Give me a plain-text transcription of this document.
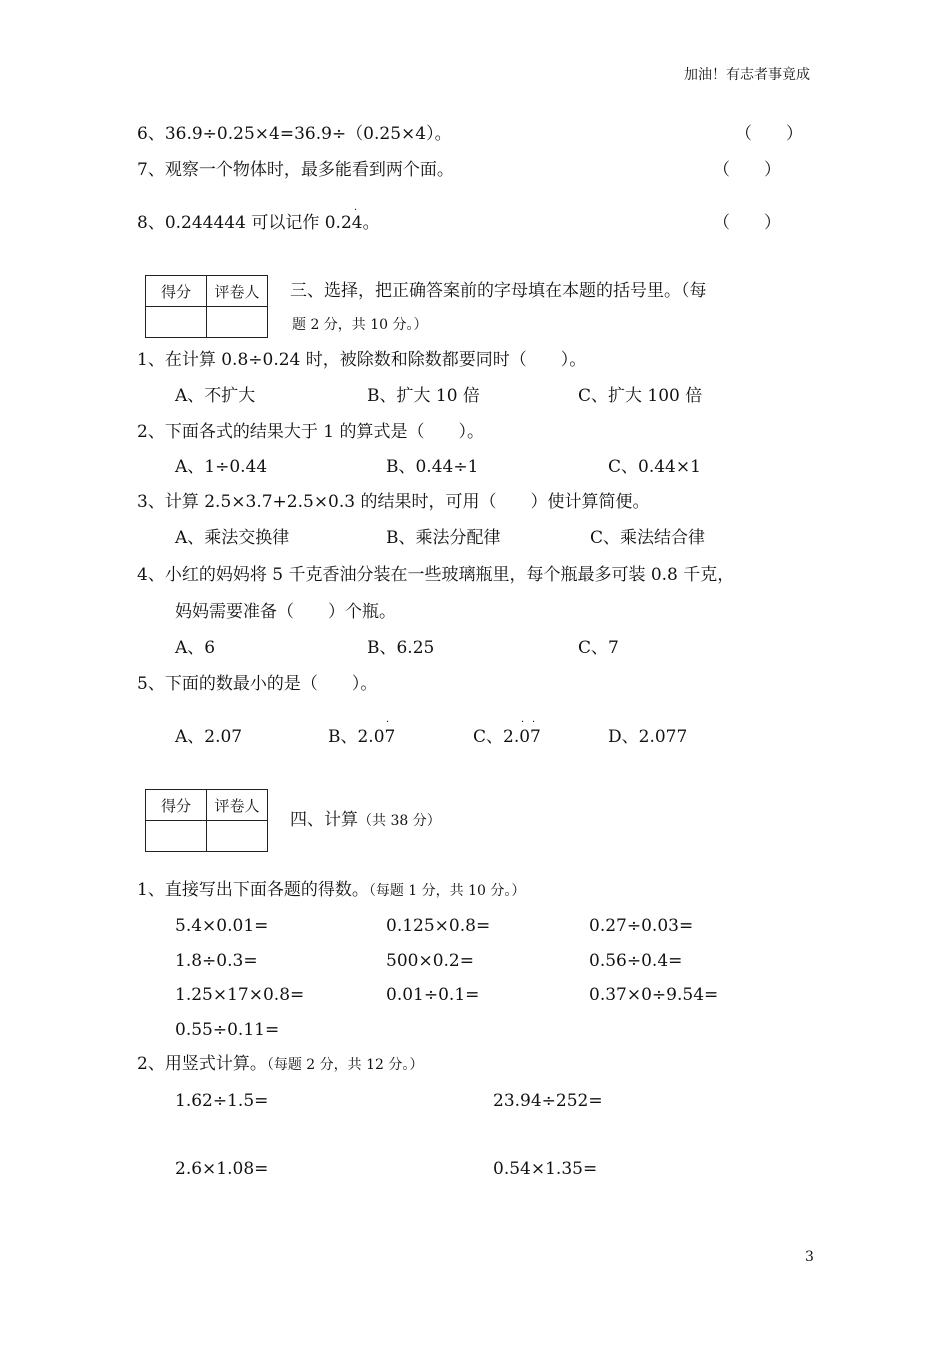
加油！有志者事竟成
6、36.9÷0.25×4=36.9÷（0.25×4）。	（　　）
7、观察一个物体时，最多能看到两个面。	（　　）
·
8、0.244444 可以记作 0.24。	（　　）
得分	评卷人
	三、选择，把正确答案前的字母填在本题的括号里。（每
题 2 分，共 10 分。）
1、在计算 0.8÷0.24 时，被除数和除数都要同时（　　）。
A、不扩大	B、扩大 10 倍	C、扩大 100 倍
2、下面各式的结果大于 1 的算式是（　　）。
A、1÷0.44	B、0.44÷1	C、0.44×1
3、计算 2.5×3.7+2.5×0.3 的结果时，可用（　　）使计算简便。
A、乘法交换律	B、乘法分配律	C、乘法结合律
4、小红的妈妈将 5 千克香油分装在一些玻璃瓶里，每个瓶最多可装 0.8 千克，
妈妈需要准备（　　）个瓶。
A、6	B、6.25	C、7
5、下面的数最小的是（　　）。
·	· ·
A、2.07	B、2.07	C、2.07	D、2.077
得分	评卷人

四、计算（共 38 分）
1、直接写出下面各题的得数。（每题 1 分，共 10 分。）
5.4×0.01=	0.125×0.8=	0.27÷0.03=
1.8÷0.3=	500×0.2=	0.56÷0.4=
1.25×17×0.8=	0.01÷0.1=	0.37×0÷9.54=
0.55÷0.11=
2、用竖式计算。（每题 2 分，共 12 分。）
1.62÷1.5=	23.94÷252=
2.6×1.08=	0.54×1.35=
3
